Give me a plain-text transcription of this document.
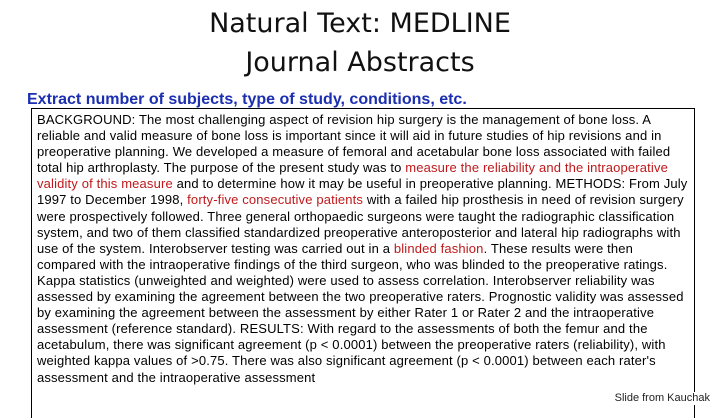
Natural Text: MEDLINE
Journal Abstracts
Extract number of subjects, type of study, conditions, etc.

BACKGROUND: The most challenging aspect of revision hip surgery is the management of bone loss. A reliable and valid measure of bone loss is important since it will aid in future studies of hip revisions and in preoperative planning. We developed a measure of femoral and acetabular bone loss associated with failed total hip arthroplasty. The purpose of the present study was to measure the reliability and the intraoperative validity of this measure and to determine how it may be useful in preoperative planning. METHODS: From July 1997 to December 1998, forty-five consecutive patients with a failed hip prosthesis in need of revision surgery were prospectively followed. Three general orthopaedic surgeons were taught the radiographic classification system, and two of them classified standardized preoperative anteroposterior and lateral hip radiographs with use of the system. Interobserver testing was carried out in a blinded fashion. These results were then compared with the intraoperative findings of the third surgeon, who was blinded to the preoperative ratings. Kappa statistics (unweighted and weighted) were used to assess correlation. Interobserver reliability was assessed by examining the agreement between the two preoperative raters. Prognostic validity was assessed by examining the agreement between the assessment by either Rater 1 or Rater 2 and the intraoperative assessment (reference standard). RESULTS: With regard to the assessments of both the femur and the acetabulum, there was significant agreement (p < 0.0001) between the preoperative raters (reliability), with weighted kappa values of >0.75. There was also significant agreement (p < 0.0001) between each rater's assessment and the intraoperative assessment

Slide from Kauchak
